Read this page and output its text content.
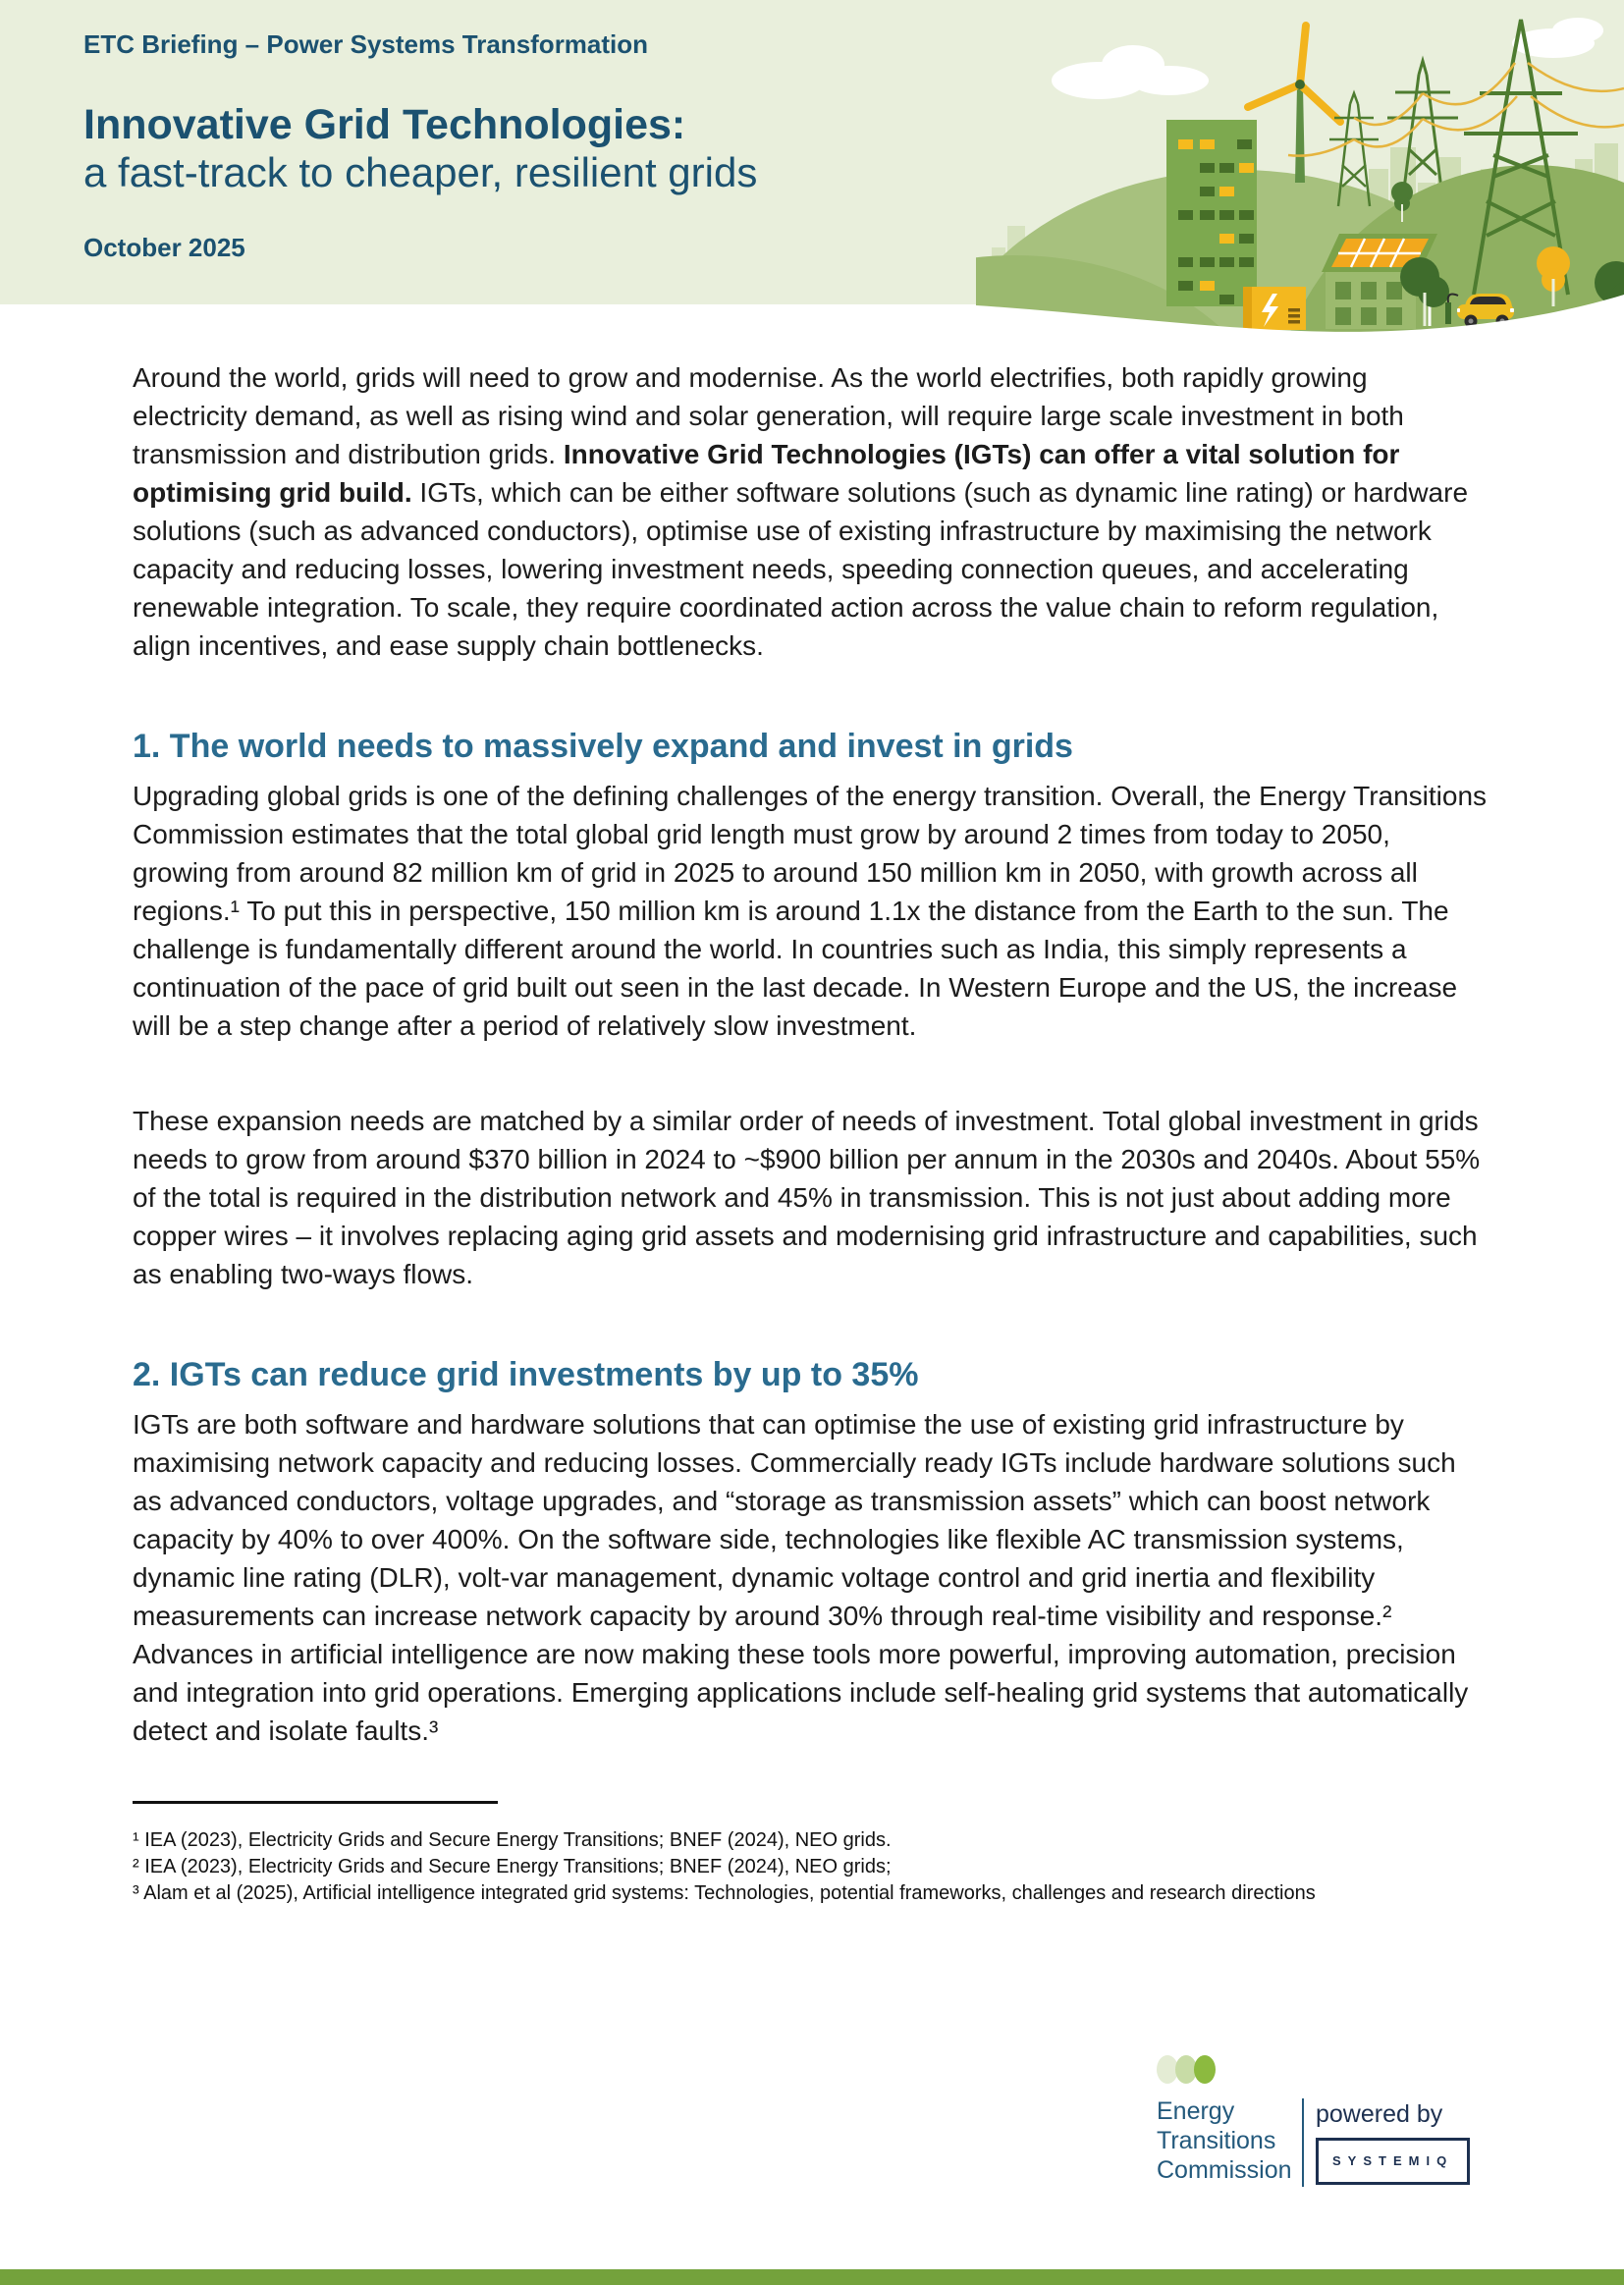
ETC Briefing – Power Systems Transformation
Innovative Grid Technologies:
a fast-track to cheaper, resilient grids
October 2025

Around the world, grids will need to grow and modernise. As the world electrifies, both rapidly growing electricity demand, as well as rising wind and solar generation, will require large scale investment in both transmission and distribution grids. Innovative Grid Technologies (IGTs) can offer a vital solution for optimising grid build. IGTs, which can be either software solutions (such as dynamic line rating) or hardware solutions (such as advanced conductors), optimise use of existing infrastructure by maximising the network capacity and reducing losses, lowering investment needs, speeding connection queues, and accelerating renewable integration. To scale, they require coordinated action across the value chain to reform regulation, align incentives, and ease supply chain bottlenecks.

1. The world needs to massively expand and invest in grids

Upgrading global grids is one of the defining challenges of the energy transition. Overall, the Energy Transitions Commission estimates that the total global grid length must grow by around 2 times from today to 2050, growing from around 82 million km of grid in 2025 to around 150 million km in 2050, with growth across all regions.¹ To put this in perspective, 150 million km is around 1.1x the distance from the Earth to the sun. The challenge is fundamentally different around the world. In countries such as India, this simply represents a continuation of the pace of grid built out seen in the last decade. In Western Europe and the US, the increase will be a step change after a period of relatively slow investment.

These expansion needs are matched by a similar order of needs of investment. Total global investment in grids needs to grow from around $370 billion in 2024 to ~$900 billion per annum in the 2030s and 2040s. About 55% of the total is required in the distribution network and 45% in transmission. This is not just about adding more copper wires – it involves replacing aging grid assets and modernising grid infrastructure and capabilities, such as enabling two-ways flows.

2. IGTs can reduce grid investments by up to 35%

IGTs are both software and hardware solutions that can optimise the use of existing grid infrastructure by maximising network capacity and reducing losses. Commercially ready IGTs include hardware solutions such as advanced conductors, voltage upgrades, and “storage as transmission assets” which can boost network capacity by 40% to over 400%. On the software side, technologies like flexible AC transmission systems, dynamic line rating (DLR), volt-var management, dynamic voltage control and grid inertia and flexibility measurements can increase network capacity by around 30% through real-time visibility and response.² Advances in artificial intelligence are now making these tools more powerful, improving automation, precision and integration into grid operations. Emerging applications include self-healing grid systems that automatically detect and isolate faults.³

¹ IEA (2023), Electricity Grids and Secure Energy Transitions; BNEF (2024), NEO grids.

² IEA (2023), Electricity Grids and Secure Energy Transitions; BNEF (2024), NEO grids;

³ Alam et al (2025), Artificial intelligence integrated grid systems: Technologies, potential frameworks, challenges and research directions

Energy
Transitions
Commission
powered by
SYSTEMIQ
